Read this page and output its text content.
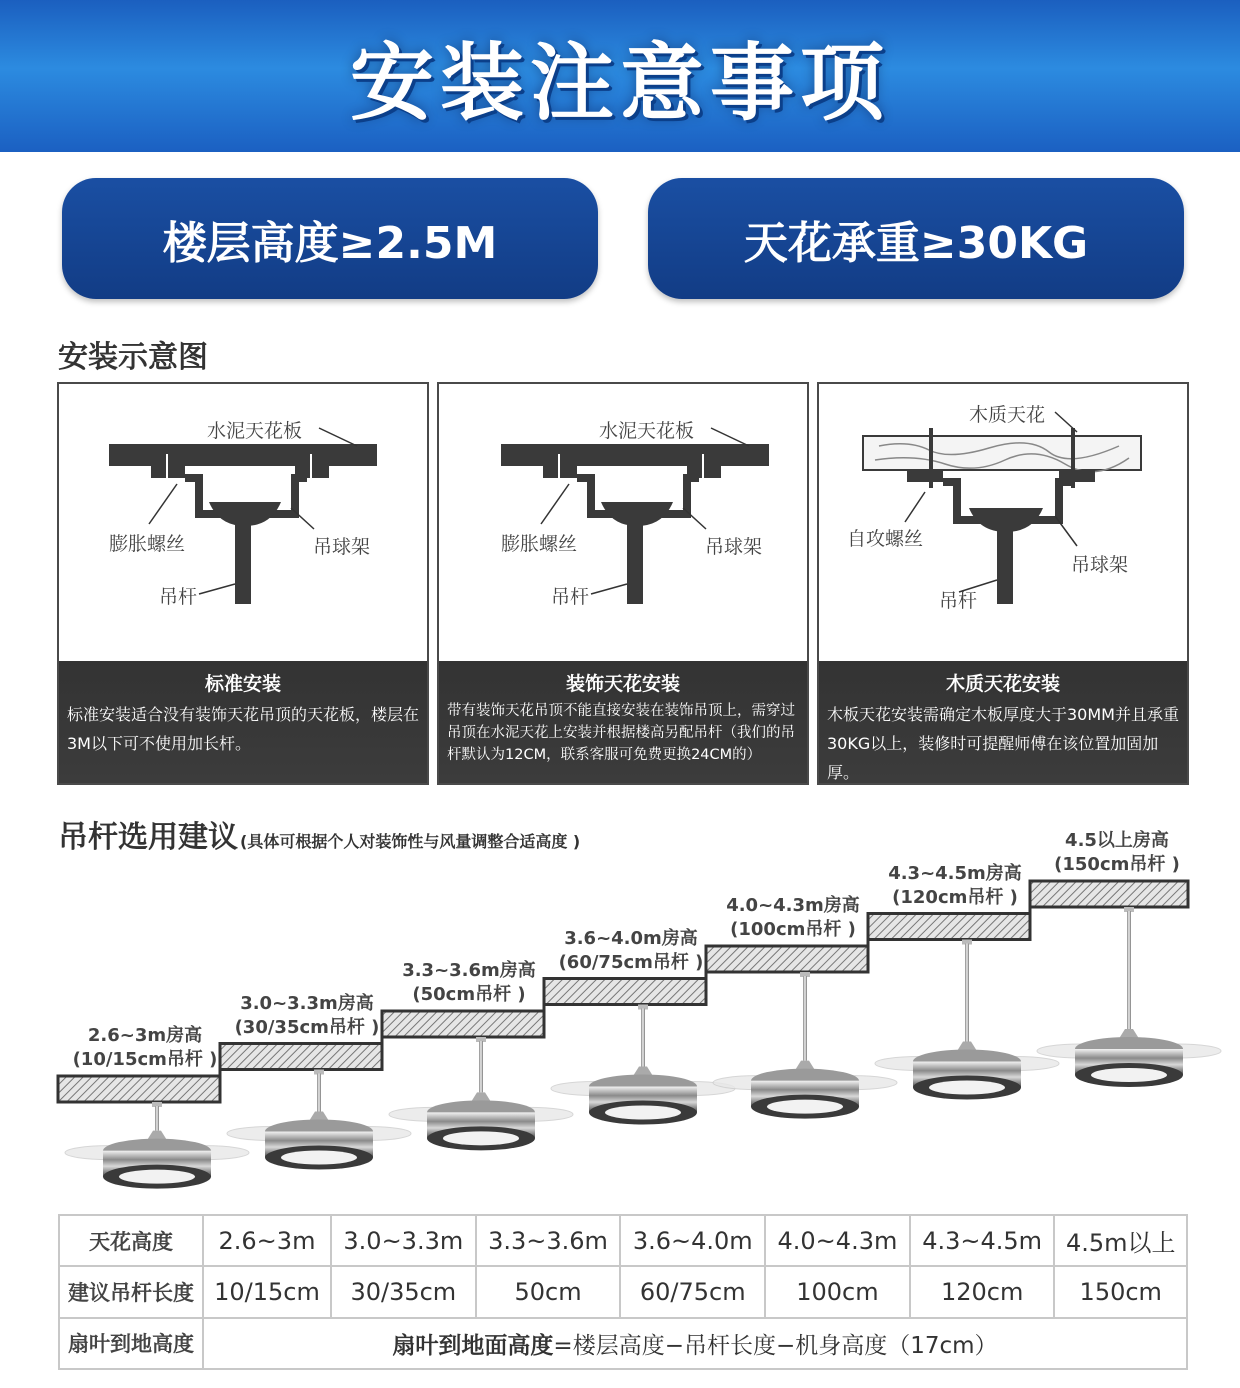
安装注意事项
楼层高度≥2.5M	天花承重≥30KG
安装示意图
水泥天花板
膨胀螺丝	吊球架
吊杆
标准安装
标准安装适合没有装饰天花吊顶的天花板，楼层在3M以下可不使用加长杆。
水泥天花板
膨胀螺丝	吊球架
吊杆
装饰天花安装
带有装饰天花吊顶不能直接安装在装饰吊顶上，需穿过吊顶在水泥天花上安装并根据楼高另配吊杆（我们的吊杆默认为12CM，联系客服可免费更换24CM的）
木质天花
自攻螺丝
吊球架
吊杆
木质天花安装
木板天花安装需确定木板厚度大于30MM并且承重30KG以上，装修时可提醒师傅在该位置加固加厚。
吊杆选用建议 (具体可根据个人对装饰性与风量调整合适高度 )
2.6~3m房高
(10/15cm吊杆 )
3.0~3.3m房高
(30/35cm吊杆 )
3.3~3.6m房高
(50cm吊杆 )
3.6~4.0m房高
(60/75cm吊杆 )
4.0~4.3m房高
(100cm吊杆 )
4.3~4.5m房高
(120cm吊杆 )
4.5以上房高
(150cm吊杆 )
天花高度	2.6~3m	3.0~3.3m	3.3~3.6m	3.6~4.0m	4.0~4.3m	4.3~4.5m	4.5m以上
建议吊杆长度	10/15cm	30/35cm	50cm	60/75cm	100cm	120cm	150cm
扇叶到地高度	扇叶到地面高度=楼层高度−吊杆长度−机身高度（17cm）						
